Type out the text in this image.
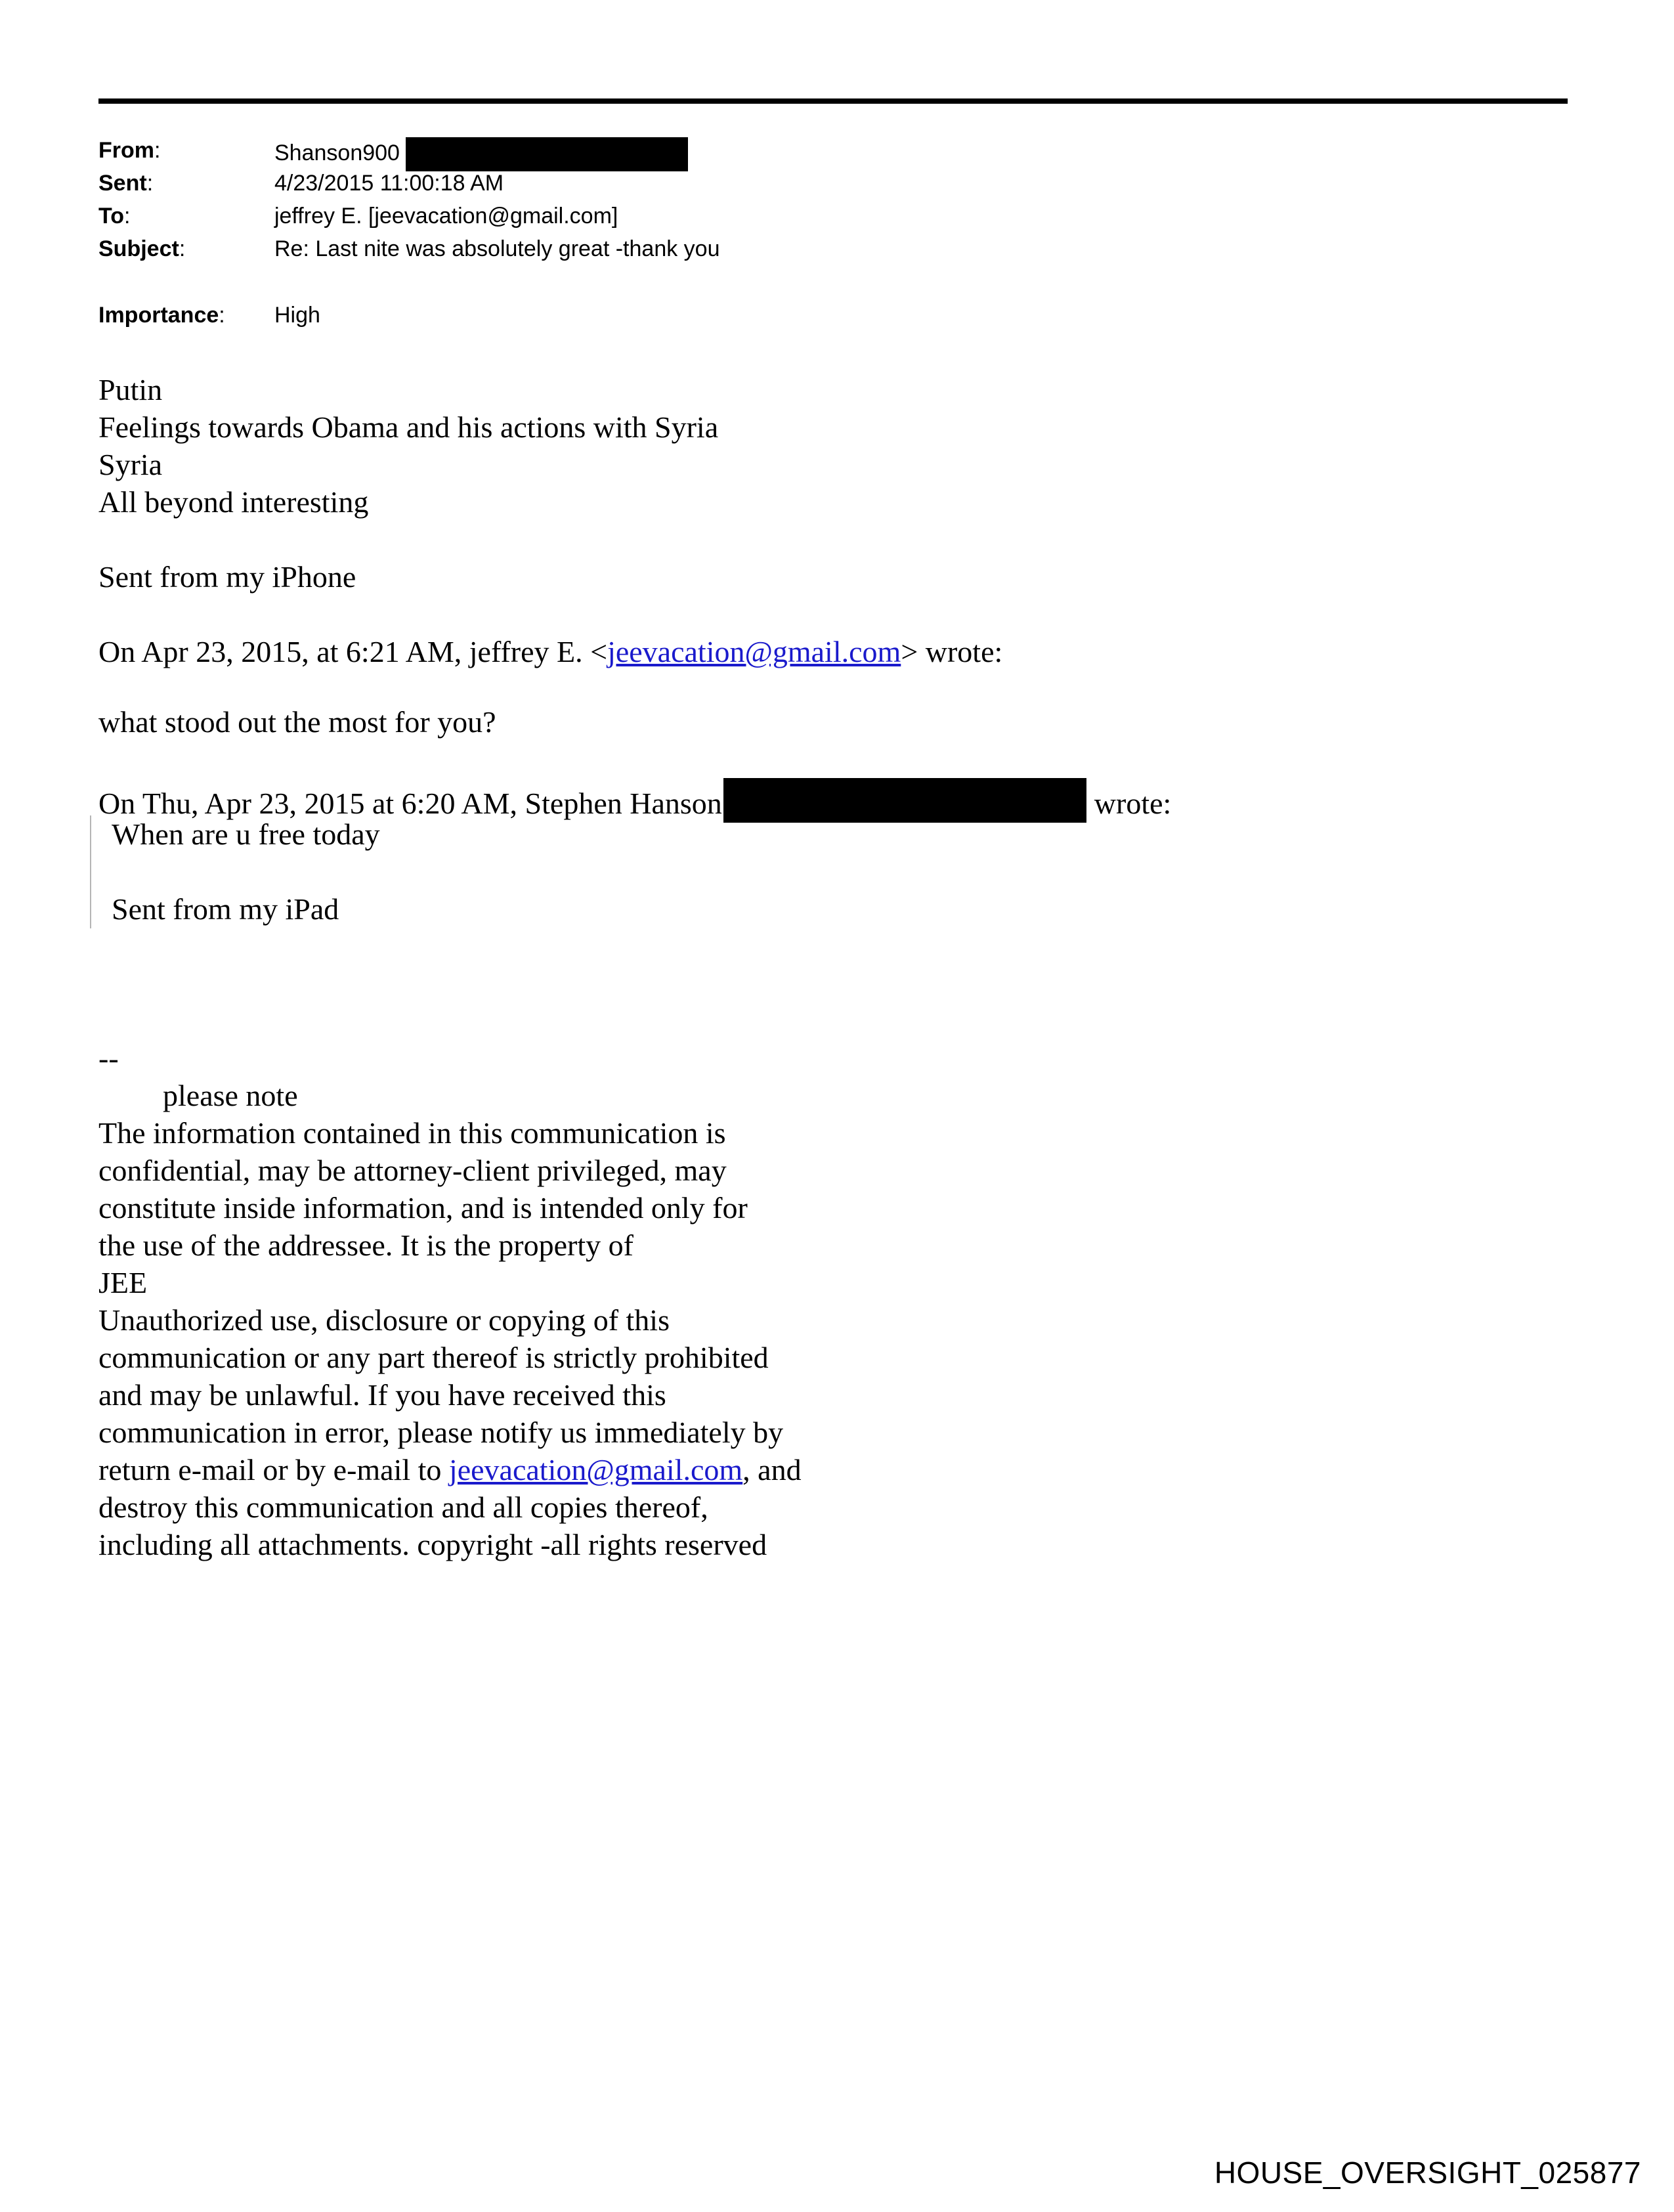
From:	Shanson900
Sent:	4/23/2015 11:00:18 AM
To:	jeffrey E. [jeevacation@gmail.com]
Subject:	Re: Last nite was absolutely great -thank you
Importance: High
Putin
Feelings towards Obama and his actions with Syria
Syria
All beyond interesting
Sent from my iPhone
On Apr 23, 2015, at 6:21 AM, jeffrey E. <jeevacation@gmail.com> wrote:
what stood out the most for you?
On Thu, Apr 23, 2015 at 6:20 AM, Stephen Hanson	wrote:
When are u free today
Sent from my iPad
--
please note
The information contained in this communication is
confidential, may be attorney-client privileged, may
constitute inside information, and is intended only for
the use of the addressee. It is the property of
JEE
Unauthorized use, disclosure or copying of this
communication or any part thereof is strictly prohibited
and may be unlawful. If you have received this
communication in error, please notify us immediately by
return e-mail or by e-mail to jeevacation@gmail.com, and
destroy this communication and all copies thereof,
including all attachments. copyright -all rights reserved
HOUSE_OVERSIGHT_025877
